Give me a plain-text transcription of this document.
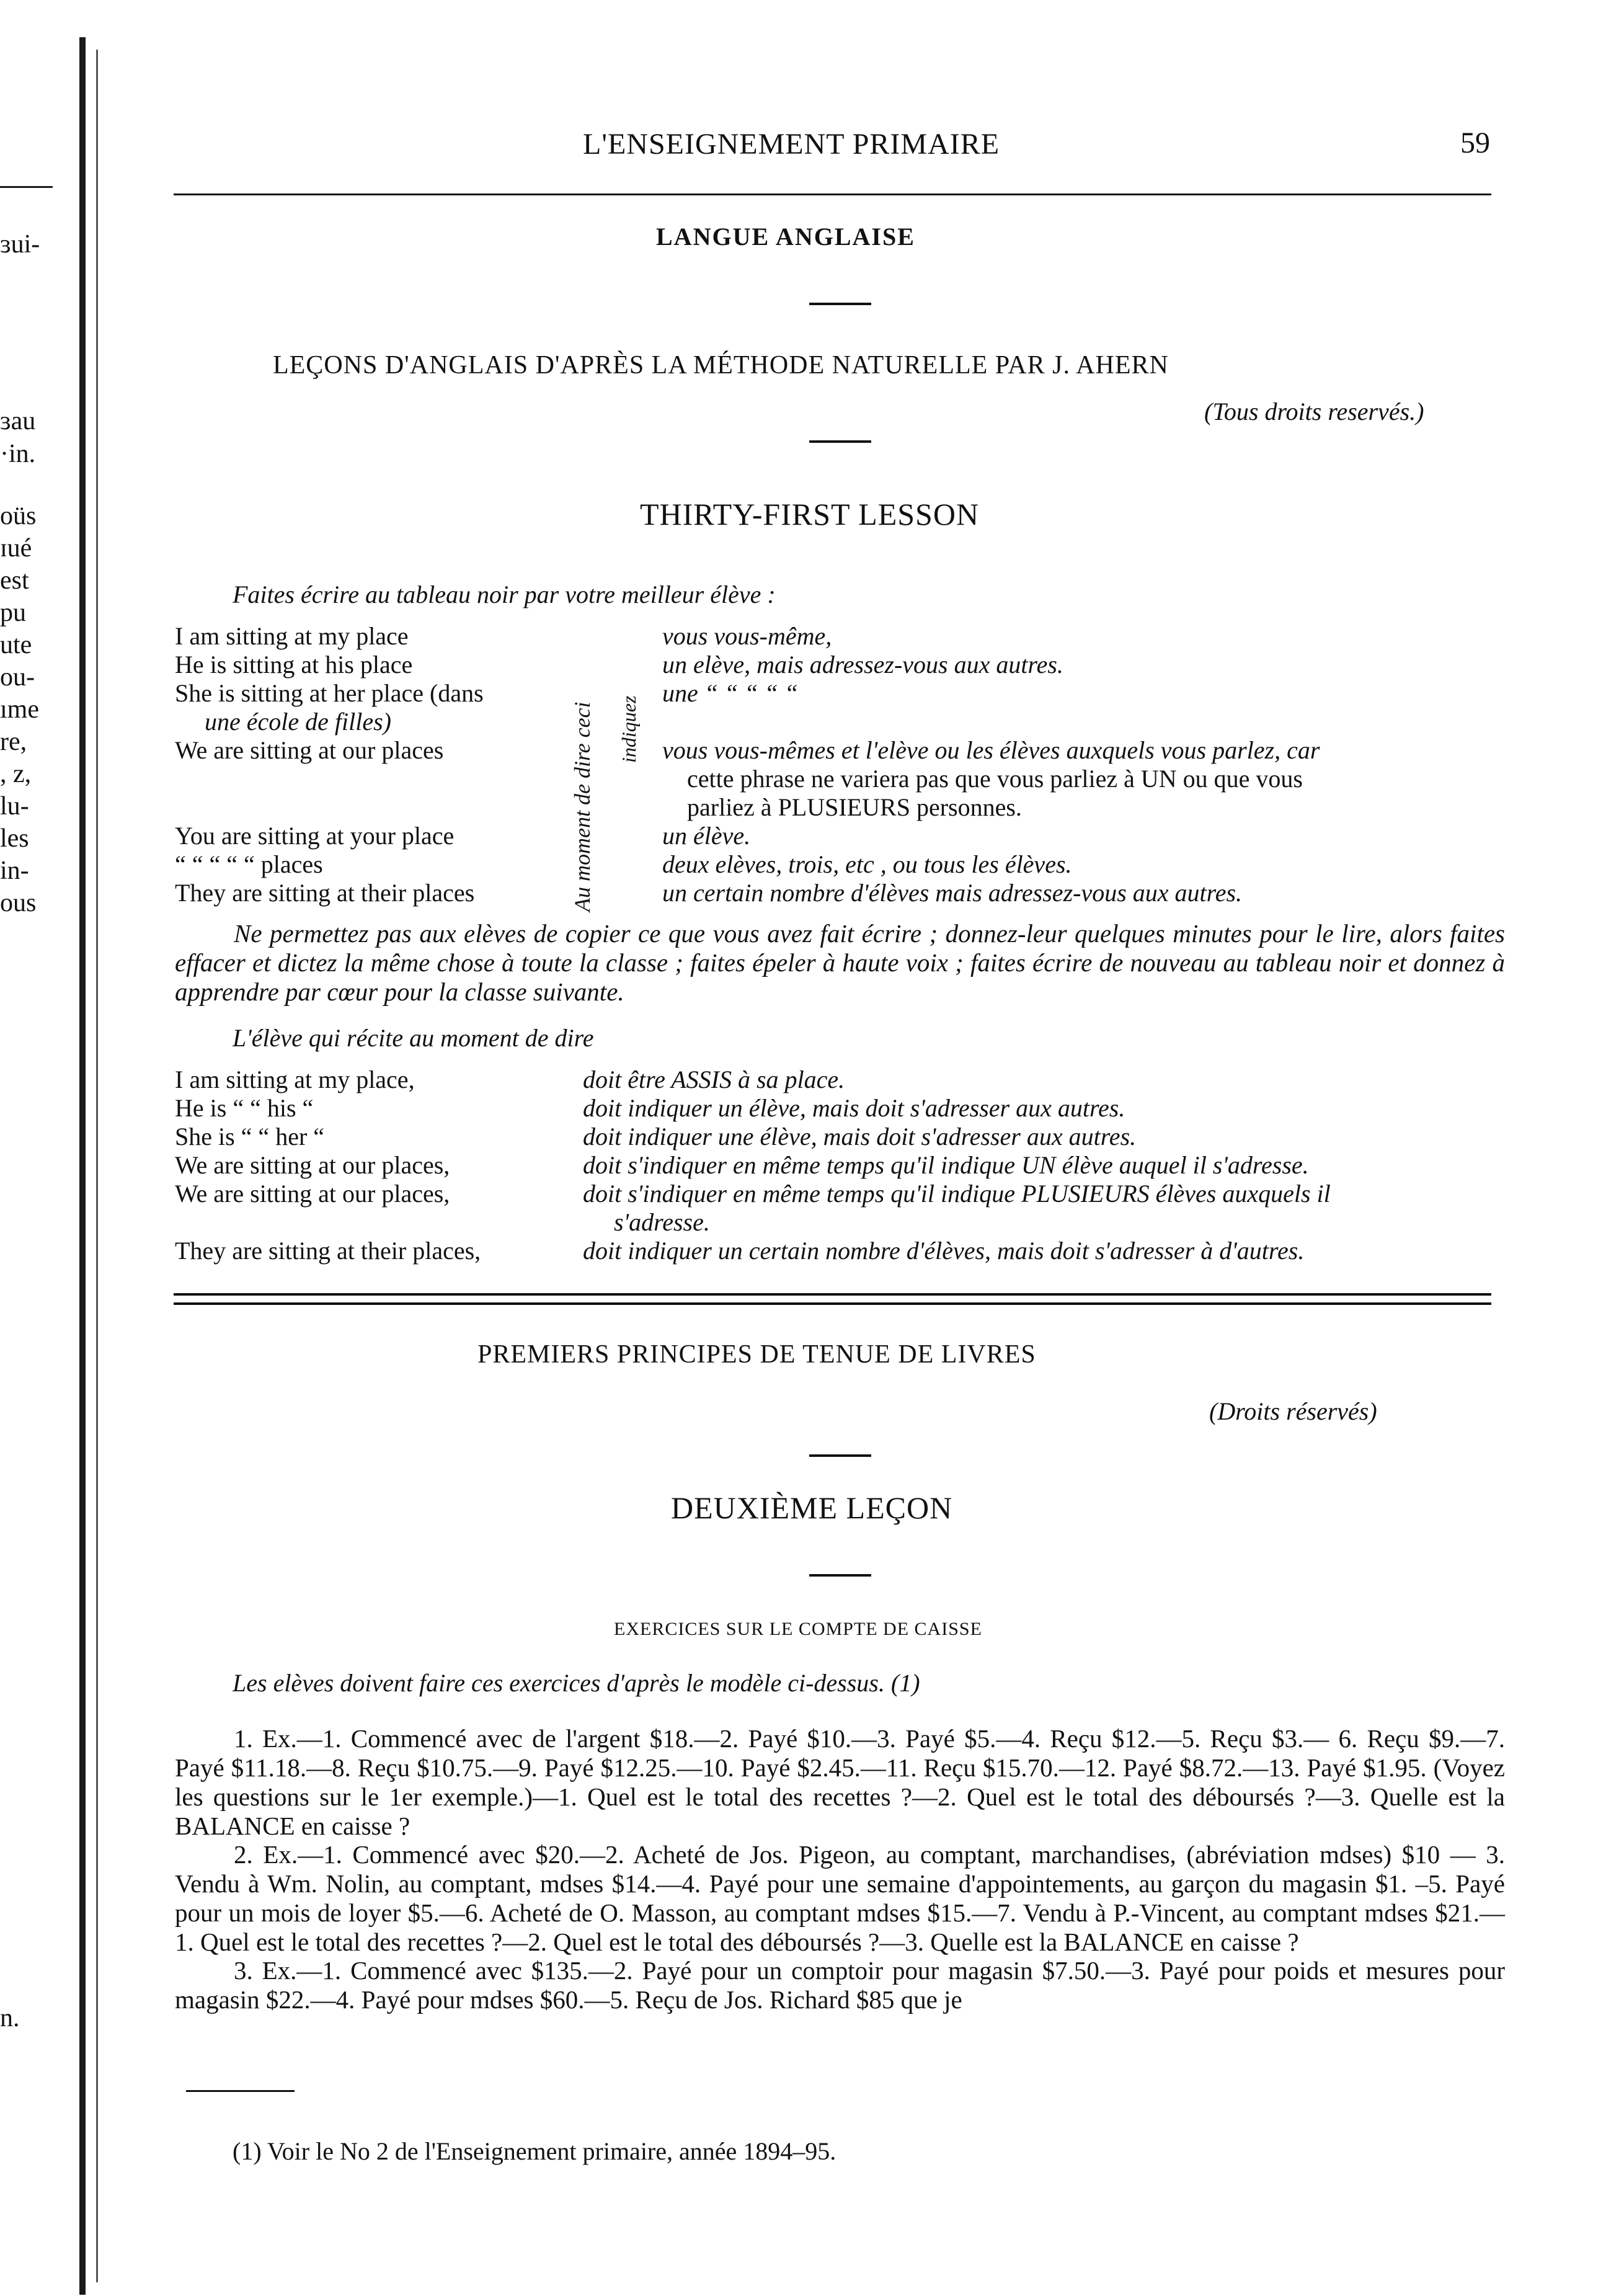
ɜui-
ɜau
·in.
oüs
ɪué
est
pu
ute
ou-
ıme
re,
, z,
lu-
les
in-
ous
n.
L'ENSEIGNEMENT PRIMAIRE	59
LANGUE ANGLAISE
LEÇONS D'ANGLAIS D'APRÈS LA MÉTHODE NATURELLE PAR J. AHERN
(Tous droits reservés.)
THIRTY-FIRST LESSON
Faites écrire au tableau noir par votre meilleur élève :
Au moment de dire ceci indiquez
I am sitting at my place	vous vous-même,
He is sitting at his place	un elève, mais adressez-vous aux autres.
She is sitting at her place (dans	une “ “ “ “ “
une école de filles)
We are sitting at our places	vous vous-mêmes et l'elève ou les élèves auxquels vous parlez, car
cette phrase ne variera pas que vous parliez à UN ou que vous
parliez à PLUSIEURS personnes.
You are sitting at your place	un élève.
“ “ “ “ “ places	deux elèves, trois, etc , ou tous les élèves.
They are sitting at their places	un certain nombre d'élèves mais adressez-vous aux autres.
Ne permettez pas aux elèves de copier ce que vous avez fait écrire ; donnez-leur quelques minutes pour le lire, alors faites effacer et dictez la même chose à toute la classe ; faites épeler à haute voix ; faites écrire de nouveau au tableau noir et donnez à apprendre par cœur pour la classe suivante.
L'élève qui récite au moment de dire
I am sitting at my place,	doit être ASSIS à sa place.
He is “ “ his “	doit indiquer un élève, mais doit s'adresser aux autres.
She is “ “ her “	doit indiquer une élève, mais doit s'adresser aux autres.
We are sitting at our places,	doit s'indiquer en même temps qu'il indique UN élève auquel il s'adresse.
We are sitting at our places,	doit s'indiquer en même temps qu'il indique PLUSIEURS élèves auxquels il
s'adresse.
They are sitting at their places,	doit indiquer un certain nombre d'élèves, mais doit s'adresser à d'autres.
PREMIERS PRINCIPES DE TENUE DE LIVRES
(Droits réservés)
DEUXIÈME LEÇON
EXERCICES SUR LE COMPTE DE CAISSE
Les elèves doivent faire ces exercices d'après le modèle ci-dessus. (1)
1. Ex.—1. Commencé avec de l'argent $18.—2. Payé $10.—3. Payé $5.—4. Reçu $12.—5. Reçu $3.— 6. Reçu $9.—7. Payé $11.18.—8. Reçu $10.75.—9. Payé $12.25.—10. Payé $2.45.—11. Reçu $15.70.—12. Payé $8.72.—13. Payé $1.95. (Voyez les questions sur le 1er exemple.)—1. Quel est le total des recettes ?—2. Quel est le total des déboursés ?—3. Quelle est la BALANCE en caisse ?
2. Ex.—1. Commencé avec $20.—2. Acheté de Jos. Pigeon, au comptant, marchandises, (abréviation mdses) $10 — 3. Vendu à Wm. Nolin, au comptant, mdses $14.—4. Payé pour une semaine d'appointements, au garçon du magasin $1. –5. Payé pour un mois de loyer $5.—6. Acheté de O. Masson, au comptant mdses $15.—7. Vendu à P.-Vincent, au comptant mdses $21.—1. Quel est le total des recettes ?—2. Quel est le total des déboursés ?—3. Quelle est la BALANCE en caisse ?
3. Ex.—1. Commencé avec $135.—2. Payé pour un comptoir pour magasin $7.50.—3. Payé pour poids et mesures pour magasin $22.—4. Payé pour mdses $60.—5. Reçu de Jos. Richard $85 que je
(1) Voir le No 2 de l'Enseignement primaire, année 1894–95.
